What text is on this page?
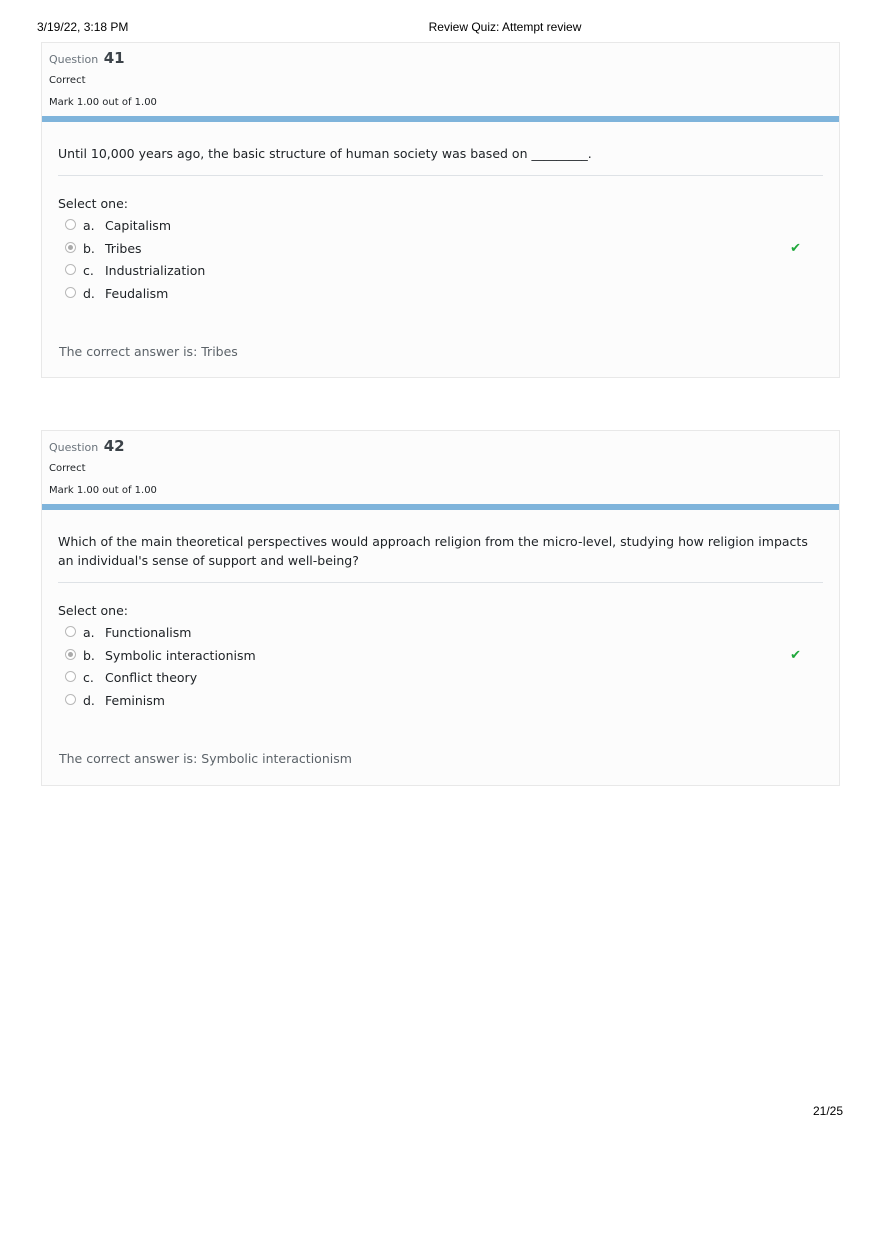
3/19/22, 3:18 PM	Review Quiz: Attempt review
Question 41
Correct
Mark 1.00 out of 1.00
Until 10,000 years ago, the basic structure of human society was based on _________.
Select one:
a. Capitalism
b. Tribes	✔
c. Industrialization
d. Feudalism
The correct answer is: Tribes
Question 42
Correct
Mark 1.00 out of 1.00
Which of the main theoretical perspectives would approach religion from the micro-level, studying how religion impacts an individual's sense of support and well-being?
Select one:
a. Functionalism
b. Symbolic interactionism	✔
c. Conflict theory
d. Feminism
The correct answer is: Symbolic interactionism
21/25
